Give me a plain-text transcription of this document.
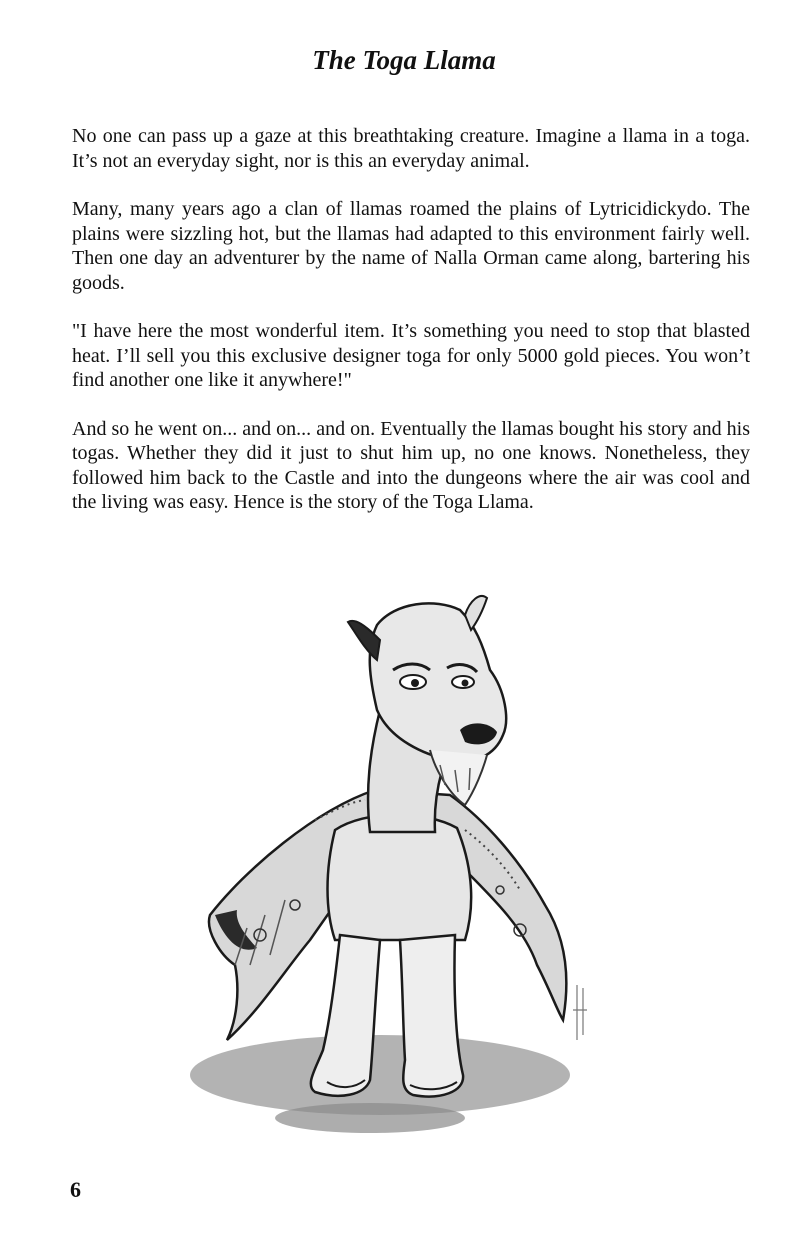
The Toga Llama

No one can pass up a gaze at this breathtaking creature. Imagine a llama in a toga. It’s not an everyday sight, nor is this an everyday animal.

Many, many years ago a clan of llamas roamed the plains of Lytricidickydo. The plains were sizzling hot, but the llamas had adapted to this environment fairly well. Then one day an adventurer by the name of Nalla Orman came along, bartering his goods.

"I have here the most wonderful item. It’s something you need to stop that blasted heat. I’ll sell you this exclusive designer toga for only 5000 gold pieces. You won’t find another one like it anywhere!"

And so he went on... and on... and on. Eventually the llamas bought his story and his togas. Whether they did it just to shut him up, no one knows. Nonetheless, they followed him back to the Castle and into the dungeons where the air was cool and the living was easy. Hence is the story of the Toga Llama.

6
